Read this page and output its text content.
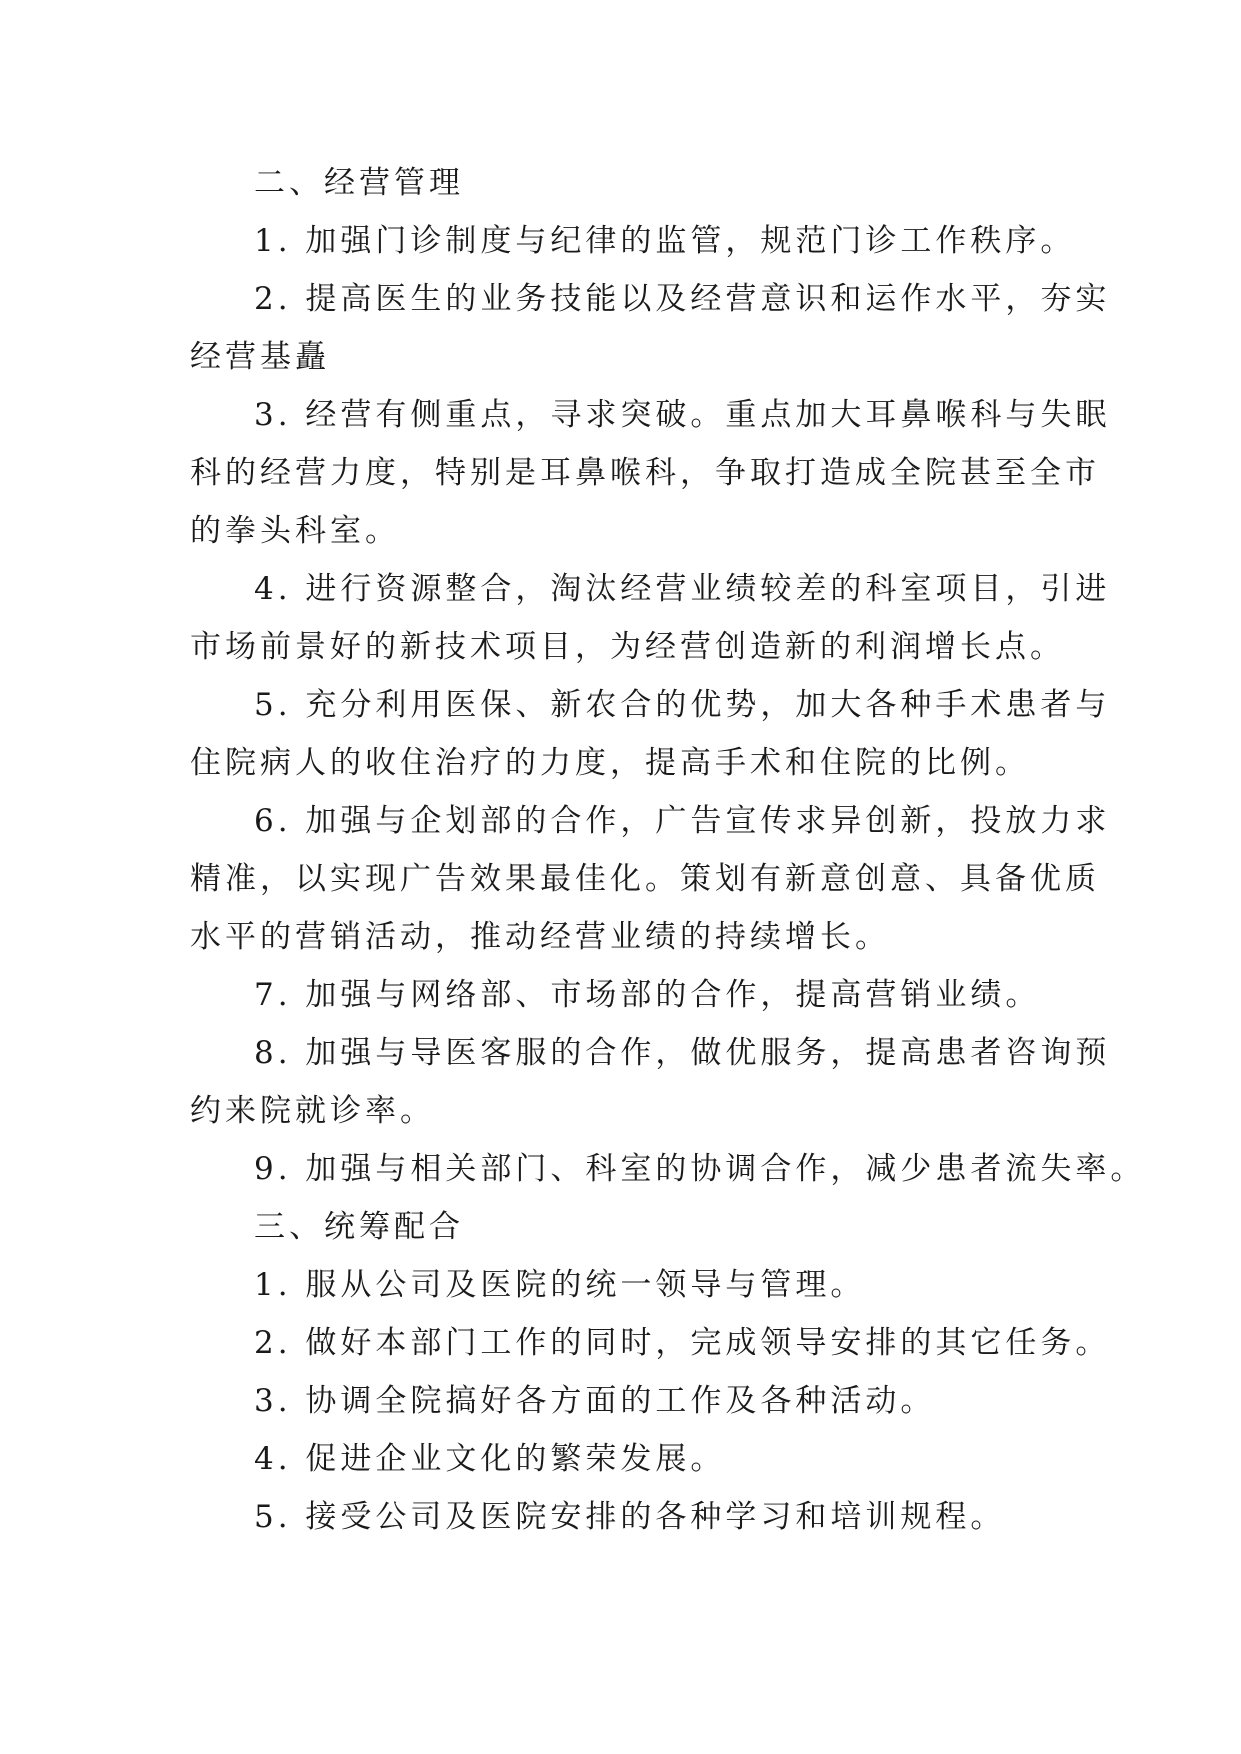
二、经营管理
1. 加强门诊制度与纪律的监管，规范门诊工作秩序。
2. 提高医生的业务技能以及经营意识和运作水平，夯实
经营基矗
3. 经营有侧重点，寻求突破。重点加大耳鼻喉科与失眠
科的经营力度，特别是耳鼻喉科，争取打造成全院甚至全市
的拳头科室。
4. 进行资源整合，淘汰经营业绩较差的科室项目，引进
市场前景好的新技术项目，为经营创造新的利润增长点。
5. 充分利用医保、新农合的优势，加大各种手术患者与
住院病人的收住治疗的力度，提高手术和住院的比例。
6. 加强与企划部的合作，广告宣传求异创新，投放力求
精准，以实现广告效果最佳化。策划有新意创意、具备优质
水平的营销活动，推动经营业绩的持续增长。
7. 加强与网络部、市场部的合作，提高营销业绩。
8. 加强与导医客服的合作，做优服务，提高患者咨询预
约来院就诊率。
9. 加强与相关部门、科室的协调合作，减少患者流失率。
三、统筹配合
1. 服从公司及医院的统一领导与管理。
2. 做好本部门工作的同时，完成领导安排的其它任务。
3. 协调全院搞好各方面的工作及各种活动。
4. 促进企业文化的繁荣发展。
5. 接受公司及医院安排的各种学习和培训规程。
